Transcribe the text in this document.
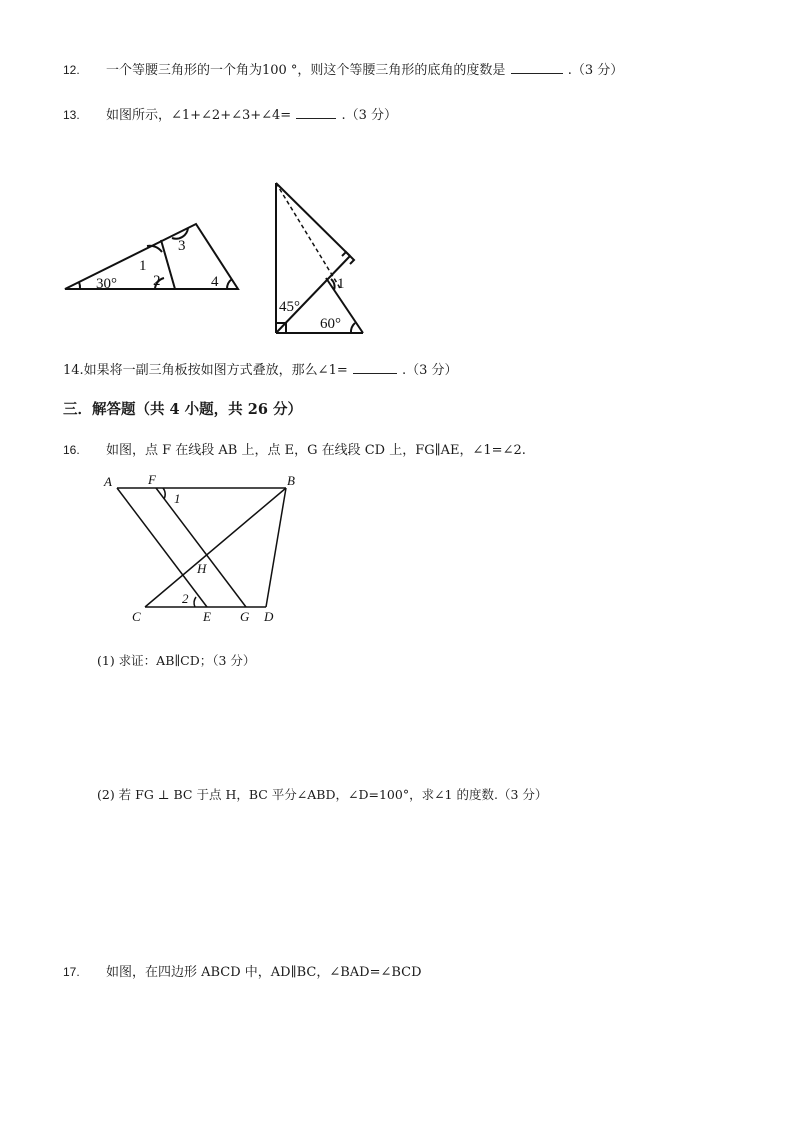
12. 一个等腰三角形的一个角为100 °，则这个等腰三角形的底角的度数是	.（3 分）
13. 如图所示，∠1+∠2+∠3+∠4=	.（3 分）
30°
1
2
3
4
45°
60°
1
14.如果将一副三角板按如图方式叠放，那么∠1=	.（3 分）
三．解答题（共 4 小题，共 26 分）
16. 如图，点 F 在线段 AB 上，点 E，G 在线段 CD 上，FG∥AE，∠1=∠2.
A	F
1
B
H
2
C	E G D
(1) 求证：AB∥CD；（3 分）
(2) 若 FG ⊥ BC 于点 H，BC 平分∠ABD，∠D=100°，求∠1 的度数.（3 分）
17. 如图，在四边形 ABCD 中，AD∥BC，∠BAD=∠BCD
